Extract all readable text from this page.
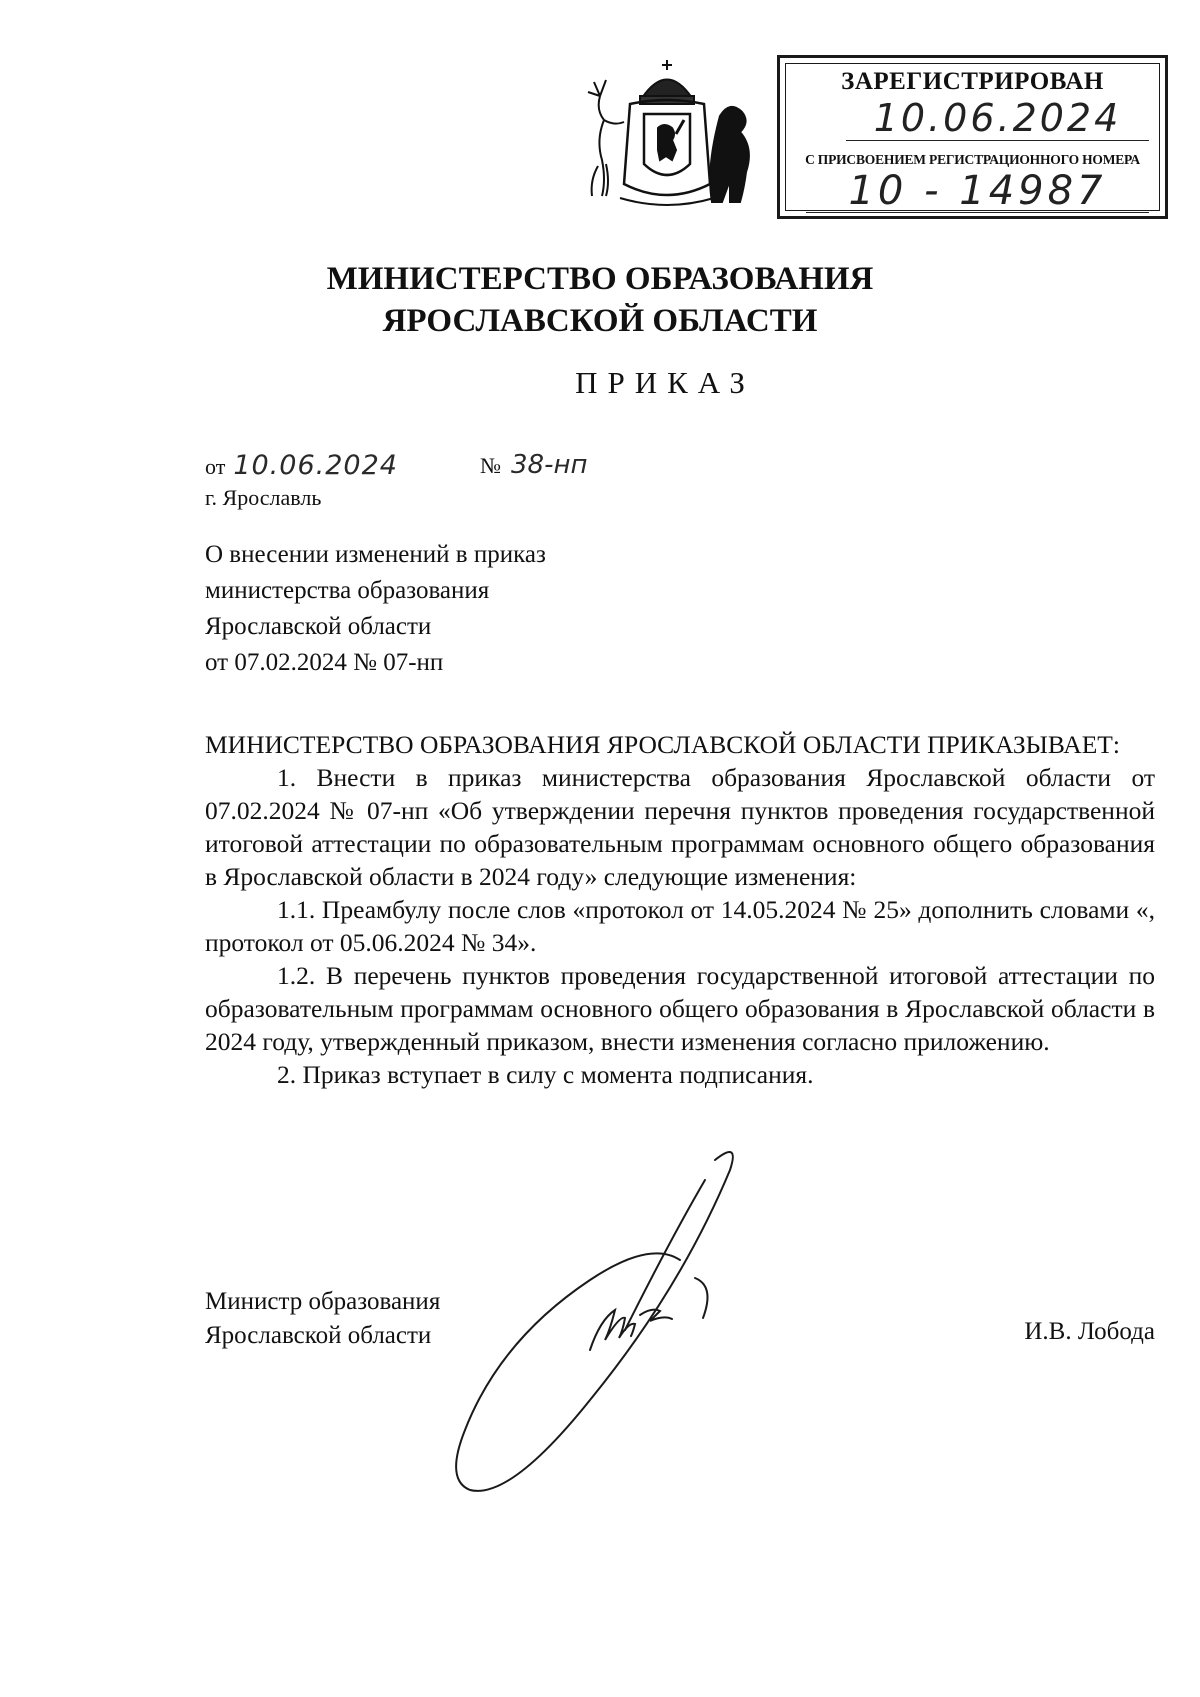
ЗАРЕГИСТРИРОВАН
10.06.2024
С ПРИСВОЕНИЕМ РЕГИСТРАЦИОННОГО НОМЕРА
10 - 14987
МИНИСТЕРСТВО ОБРАЗОВАНИЯ
ЯРОСЛАВСКОЙ ОБЛАСТИ
ПРИКАЗ
от 10.06.2024	№ 38-нп
г. Ярославль
О внесении изменений в приказ
министерства образования
Ярославской области
от 07.02.2024 № 07-нп
МИНИСТЕРСТВО ОБРАЗОВАНИЯ ЯРОСЛАВСКОЙ ОБЛАСТИ ПРИКАЗЫВАЕТ:
1. Внести в приказ министерства образования Ярославской области от 07.02.2024 № 07-нп «Об утверждении перечня пунктов проведения государственной итоговой аттестации по образовательным программам основного общего образования в Ярославской области в 2024 году» следующие изменения:
1.1. Преамбулу после слов «протокол от 14.05.2024 № 25» дополнить словами «, протокол от 05.06.2024 № 34».
1.2. В перечень пунктов проведения государственной итоговой аттестации по образовательным программам основного общего образования в Ярославской области в 2024 году, утвержденный приказом, внести изменения согласно приложению.
2. Приказ вступает в силу с момента подписания.
Министр образования
Ярославской области	И.В. Лобода
